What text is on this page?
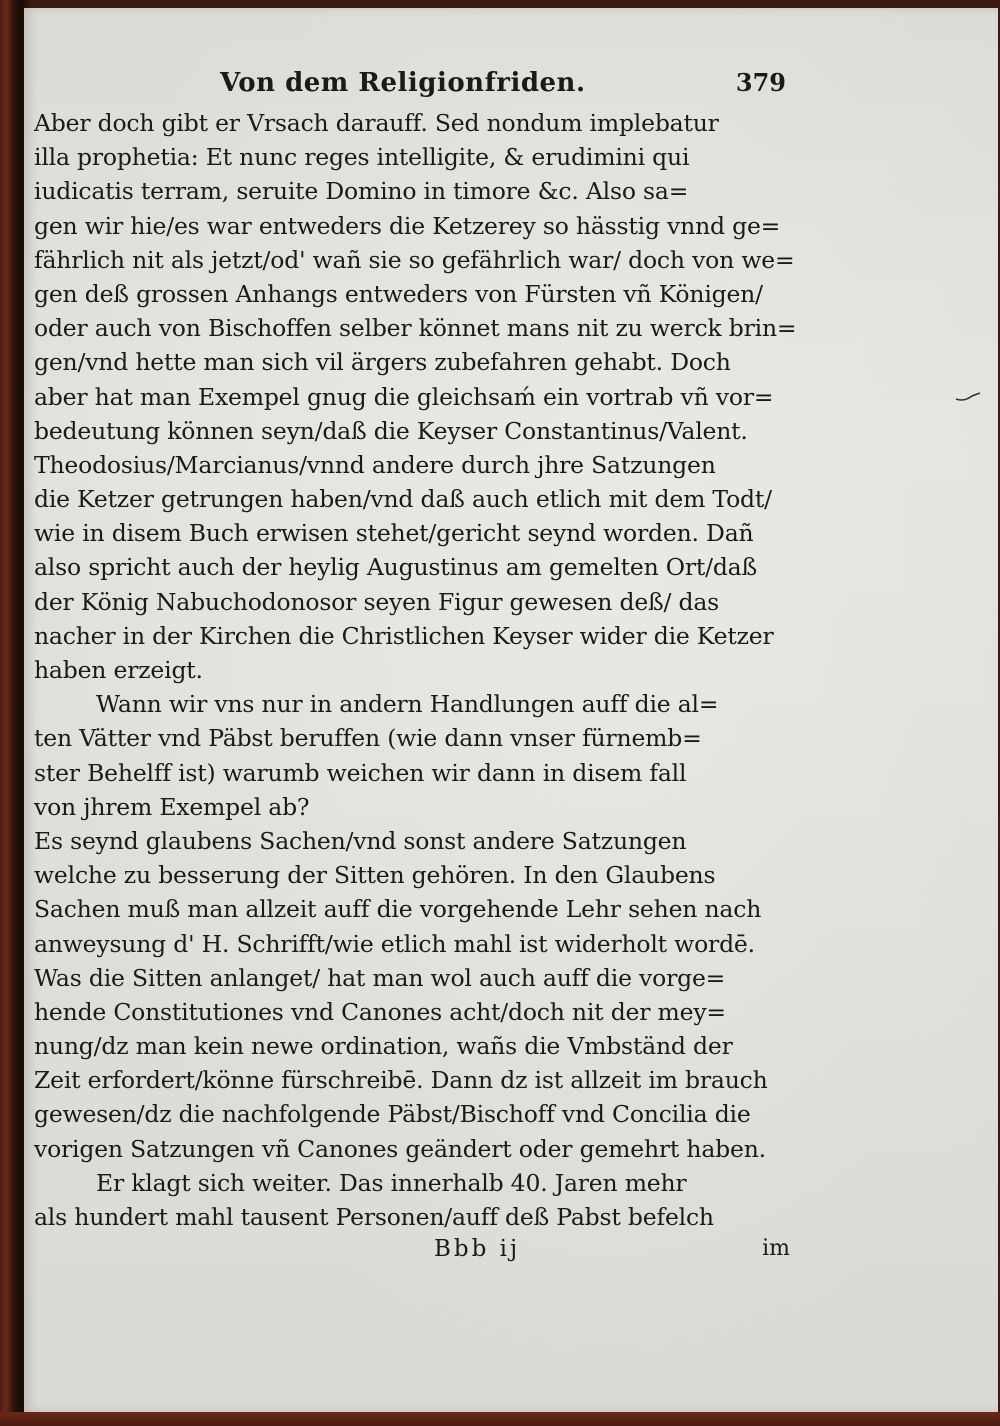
Von dem Religionfriden.	379
Aber doch gibt er Vrsach darauff. Sed nondum implebatur
illa prophetia: Et nunc reges intelligite, & erudimini qui
iudicatis terram, seruite Domino in timore &c. Also sa=
gen wir hie/es war entweders die Ketzerey so hässtig vnnd ge=
fährlich nit als jetzt/od' wañ sie so gefährlich war/ doch von we=
gen deß grossen Anhangs entweders von Fürsten vñ Königen/
oder auch von Bischoffen selber könnet mans nit zu werck brin=
gen/vnd hette man sich vil ärgers zubefahren gehabt. Doch
aber hat man Exempel gnug die gleichsaḿ ein vortrab vñ vor=
bedeutung können seyn/daß die Keyser Constantinus/Valent.
Theodosius/Marcianus/vnnd andere durch jhre Satzungen
die Ketzer getrungen haben/vnd daß auch etlich mit dem Todt/
wie in disem Buch erwisen stehet/gericht seynd worden. Dañ
also spricht auch der heylig Augustinus am gemelten Ort/daß
der König Nabuchodonosor seyen Figur gewesen deß/ das
nacher in der Kirchen die Christlichen Keyser wider die Ketzer
haben erzeigt.
Wann wir vns nur in andern Handlungen auff die al=
ten Vätter vnd Päbst beruffen (wie dann vnser fürnemb=
ster Behelff ist) warumb weichen wir dann in disem fall
von jhrem Exempel ab?
Es seynd glaubens Sachen/vnd sonst andere Satzungen
welche zu besserung der Sitten gehören. In den Glaubens
Sachen muß man allzeit auff die vorgehende Lehr sehen nach
anweysung d' H. Schrifft/wie etlich mahl ist widerholt wordē.
Was die Sitten anlanget/ hat man wol auch auff die vorge=
hende Constitutiones vnd Canones acht/doch nit der mey=
nung/dz man kein newe ordination, wañs die Vmbständ der
Zeit erfordert/könne fürschreibē. Dann dz ist allzeit im brauch
gewesen/dz die nachfolgende Päbst/Bischoff vnd Concilia die
vorigen Satzungen vñ Canones geändert oder gemehrt haben.
Er klagt sich weiter. Das innerhalb 40. Jaren mehr
als hundert mahl tausent Personen/auff deß Pabst befelch
Bbb ij	im
